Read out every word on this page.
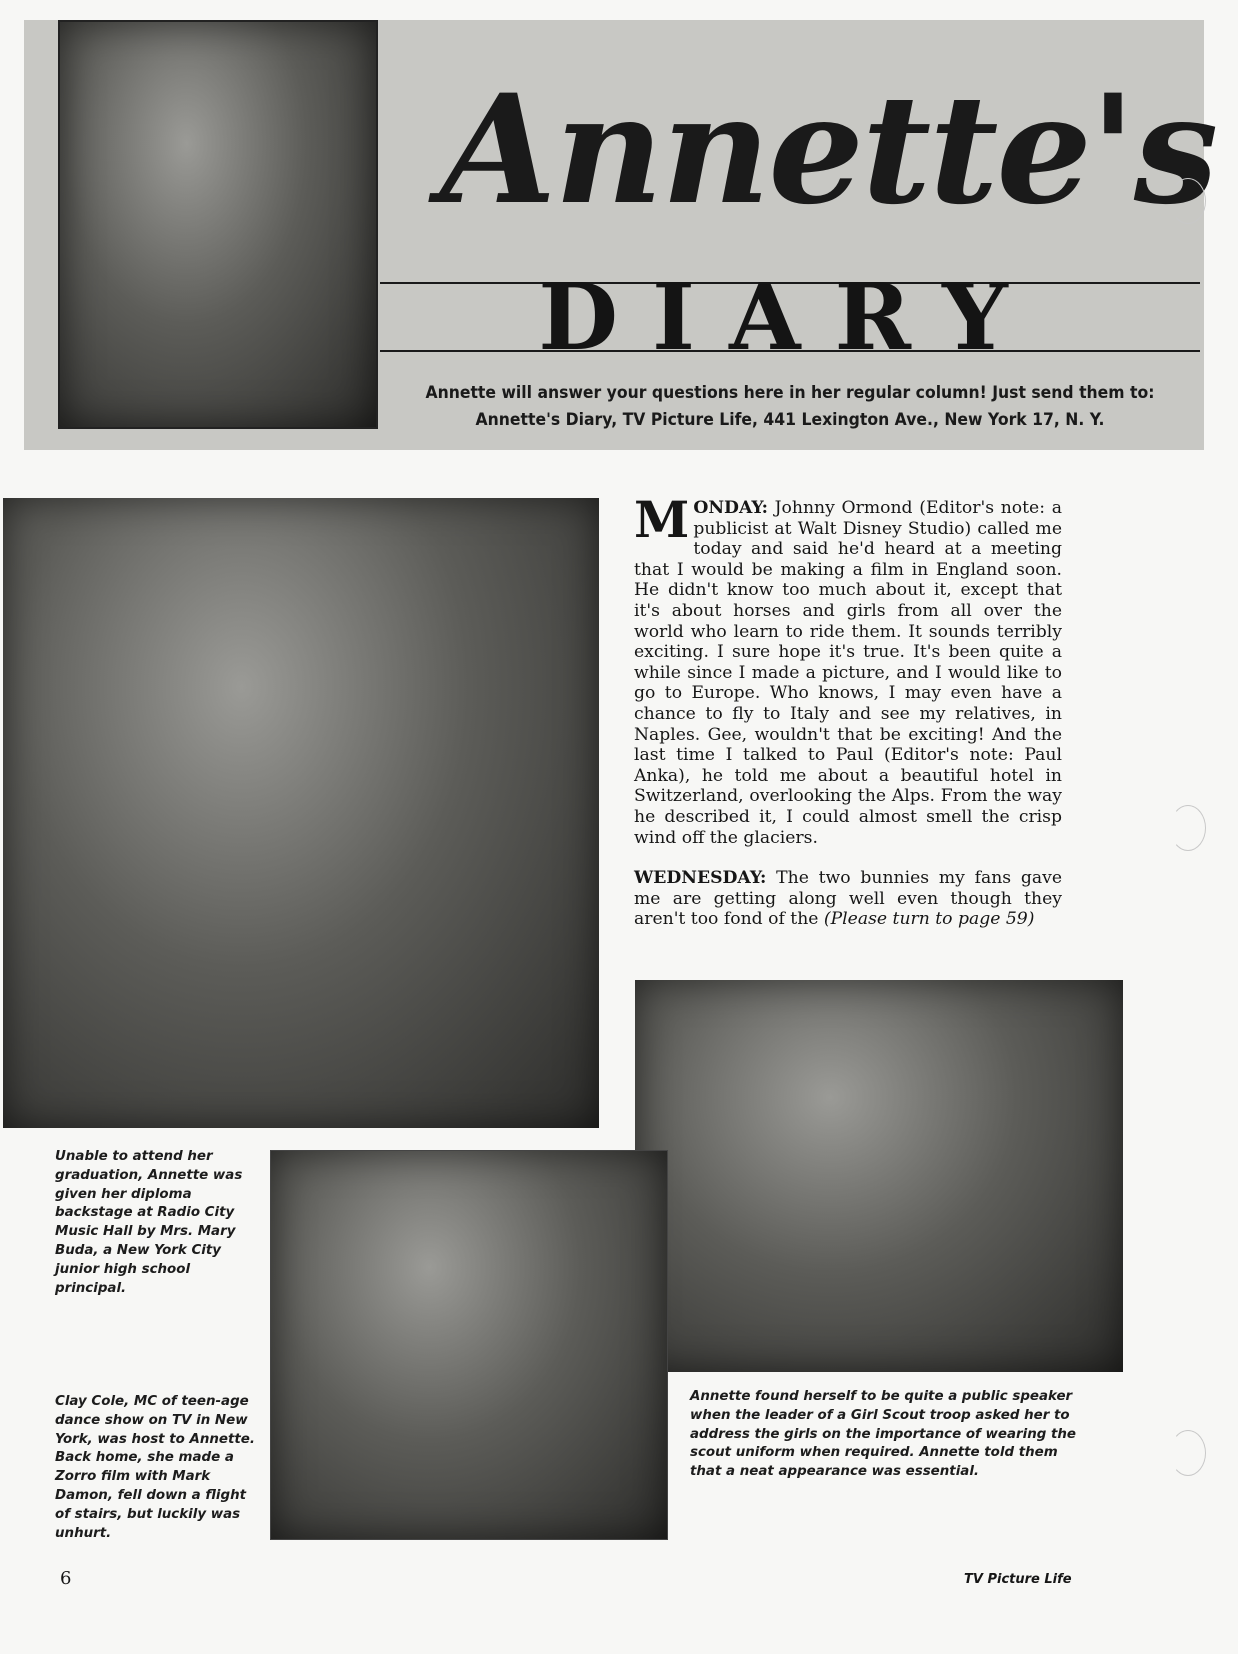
Annette's
DIARY
Annette will answer your questions here in her regular column! Just send them to:
Annette's Diary, TV Picture Life, 441 Lexington Ave., New York 17, N. Y.

MONDAY: Johnny Ormond (Editor's note: a publicist at Walt Disney Studio) called me today and said he'd heard at a meeting that I would be making a film in England soon. He didn't know too much about it, except that it's about horses and girls from all over the world who learn to ride them. It sounds terribly exciting. I sure hope it's true. It's been quite a while since I made a picture, and I would like to go to Europe. Who knows, I may even have a chance to fly to Italy and see my relatives, in Naples. Gee, wouldn't that be exciting! And the last time I talked to Paul (Editor's note: Paul Anka), he told me about a beautiful hotel in Switzerland, overlooking the Alps. From the way he described it, I could almost smell the crisp wind off the glaciers.

WEDNESDAY: The two bunnies my fans gave me are getting along well even though they aren't too fond of the (Please turn to page 59)

Unable to attend her graduation, Annette was given her diploma backstage at Radio City Music Hall by Mrs. Mary Buda, a New York City junior high school principal.
Clay Cole, MC of teen-age dance show on TV in New York, was host to Annette. Back home, she made a Zorro film with Mark Damon, fell down a flight of stairs, but luckily was unhurt.
Annette found herself to be quite a public speaker when the leader of a Girl Scout troop asked her to address the girls on the importance of wearing the scout uniform when required. Annette told them that a neat appearance was essential.
6	TV Picture Life
